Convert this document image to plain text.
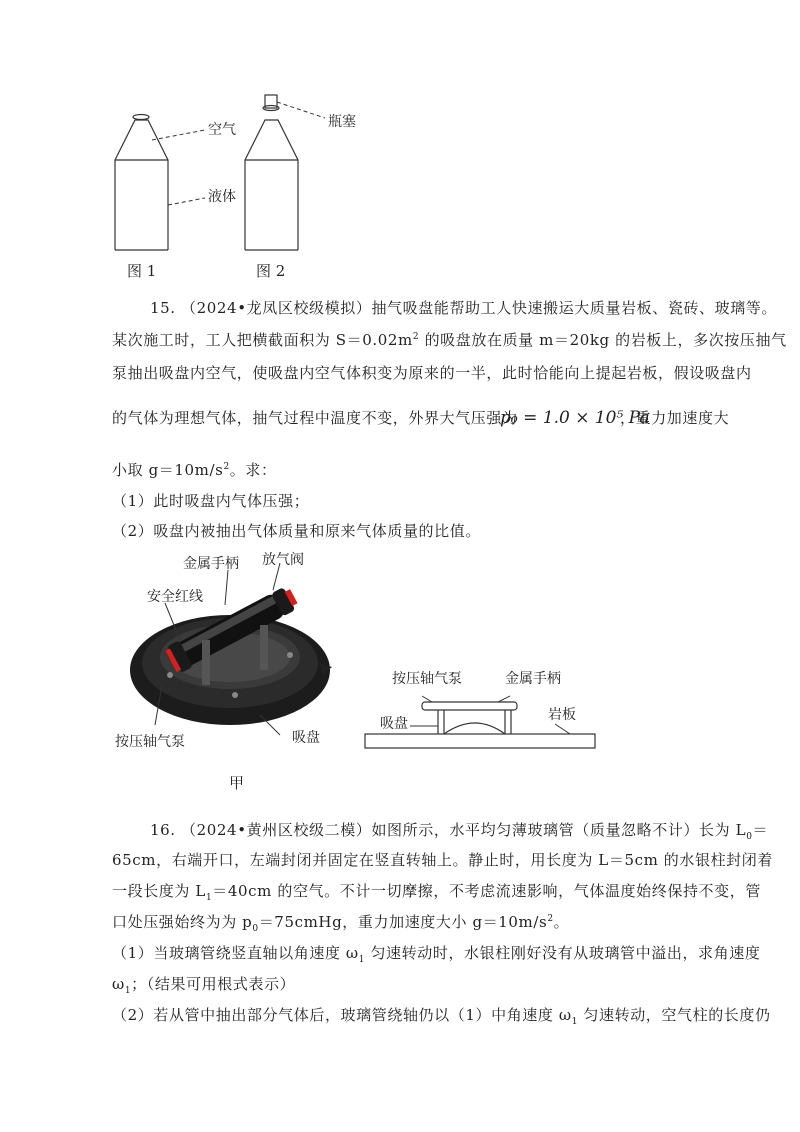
空气
液体
瓶塞
图 1	图 2
15. （2024•龙凤区校级模拟）抽气吸盘能帮助工人快速搬运大质量岩板、瓷砖、玻璃等。
某次施工时，工人把横截面积为 $S=0.02m^2$ 的吸盘放在质量 m＝20kg 的岩板上，多次按压抽气
泵抽出吸盘内空气，使吸盘内空气体积变为原来的一半，此时恰能向上提起岩板，假设吸盘内
的气体为理想气体，抽气过程中温度不变，外界大气压强为
p₀ = 1.0 × 10⁵ Pa
，重力加速度大
小取 $g=10m/s^2$。求：
（1）此时吸盘内气体压强；
（2）吸盘内被抽出气体质量和原来气体质量的比值。
金属手柄 放气阀
安全红线
按压轴气泵	吸盘
甲
按压轴气泵	金属手柄
吸盘
岩板
16. （2024•黄州区校级二模）如图所示，水平均匀薄玻璃管（质量忽略不计）长为 $L_0=$
65cm，右端开口，左端封闭并固定在竖直转轴上。静止时，用长度为 L＝5cm 的水银柱封闭着
一段长度为 $L_1=40cm$ 的空气。不计一切摩擦，不考虑流速影响，气体温度始终保持不变，管
口处压强始终为为 $p_0=75cmHg$，重力加速度大小 $g=10m/s^2$。
（1）当玻璃管绕竖直轴以角速度 $\omega_1$ 匀速转动时，水银柱刚好没有从玻璃管中溢出，求角速度
$\omega_1$；（结果可用根式表示）
（2）若从管中抽出部分气体后，玻璃管绕轴仍以（1）中角速度 $\omega_1$ 匀速转动，空气柱的长度仍
